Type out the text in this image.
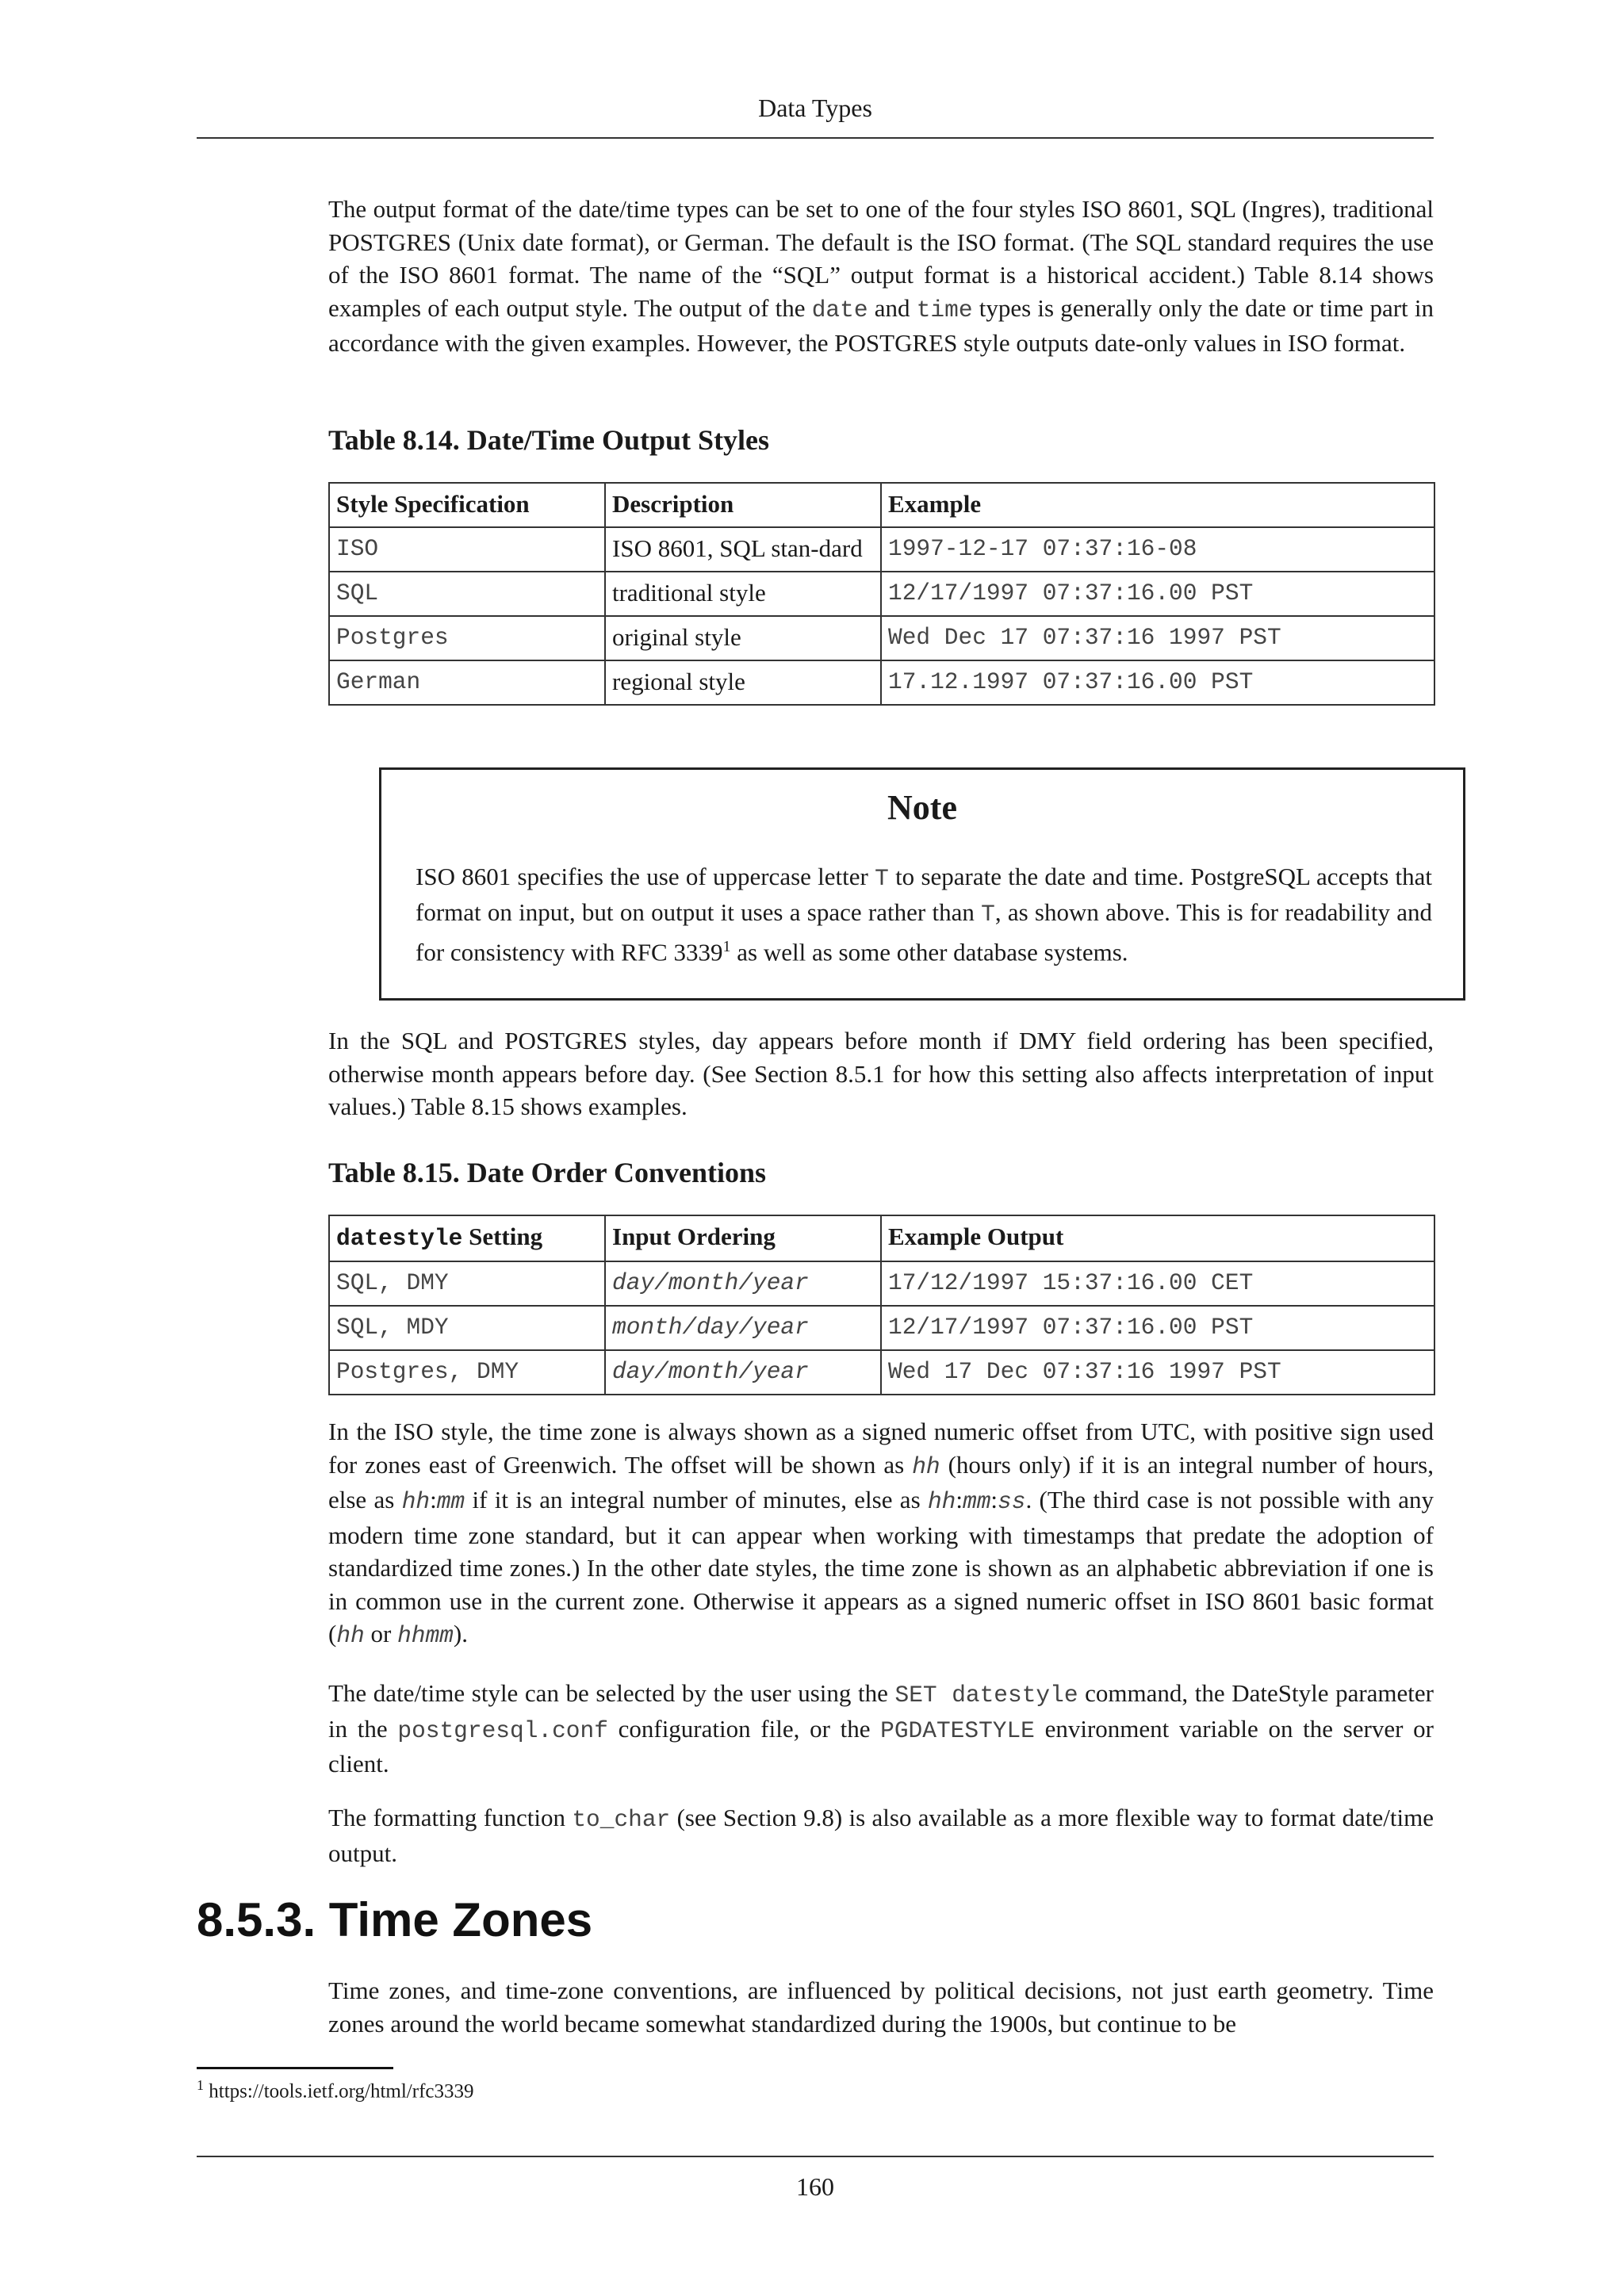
Data Types

The output format of the date/time types can be set to one of the four styles ISO 8601, SQL (Ingres), traditional POSTGRES (Unix date format), or German. The default is the ISO format. (The SQL standard requires the use of the ISO 8601 format. The name of the “SQL” output format is a historical accident.) Table 8.14 shows examples of each output style. The output of the date and time types is generally only the date or time part in accordance with the given examples. However, the POSTGRES style outputs date-only values in ISO format.

Table 8.14. Date/Time Output Styles
Style Specification	Description	Example
ISO	ISO 8601, SQL stan-dard	1997-12-17 07:37:16-08
SQL	traditional style	12/17/1997 07:37:16.00 PST
Postgres	original style	Wed Dec 17 07:37:16 1997 PST
German	regional style	17.12.1997 07:37:16.00 PST
Note

ISO 8601 specifies the use of uppercase letter T to separate the date and time. PostgreSQL accepts that format on input, but on output it uses a space rather than T, as shown above. This is for readability and for consistency with RFC 3339$^1$ as well as some other database systems.

In the SQL and POSTGRES styles, day appears before month if DMY field ordering has been specified, otherwise month appears before day. (See Section 8.5.1 for how this setting also affects interpretation of input values.) Table 8.15 shows examples.

Table 8.15. Date Order Conventions
datestyle Setting	Input Ordering	Example Output
SQL, DMY	day/month/year	17/12/1997 15:37:16.00 CET
SQL, MDY	month/day/year	12/17/1997 07:37:16.00 PST
Postgres, DMY	day/month/year	Wed 17 Dec 07:37:16 1997 PST

In the ISO style, the time zone is always shown as a signed numeric offset from UTC, with positive sign used for zones east of Greenwich. The offset will be shown as hh (hours only) if it is an integral number of hours, else as hh:mm if it is an integral number of minutes, else as hh:mm:ss. (The third case is not possible with any modern time zone standard, but it can appear when working with timestamps that predate the adoption of standardized time zones.) In the other date styles, the time zone is shown as an alphabetic abbreviation if one is in common use in the current zone. Otherwise it appears as a signed numeric offset in ISO 8601 basic format (hh or hhmm).

The date/time style can be selected by the user using the SET datestyle command, the DateStyle parameter in the postgresql.conf configuration file, or the PGDATESTYLE environment variable on the server or client.

The formatting function to_char (see Section 9.8) is also available as a more flexible way to format date/time output.

8.5.3. Time Zones

Time zones, and time-zone conventions, are influenced by political decisions, not just earth geometry. Time zones around the world became somewhat standardized during the 1900s, but continue to be

$^1$ https://tools.ietf.org/html/rfc3339
160
